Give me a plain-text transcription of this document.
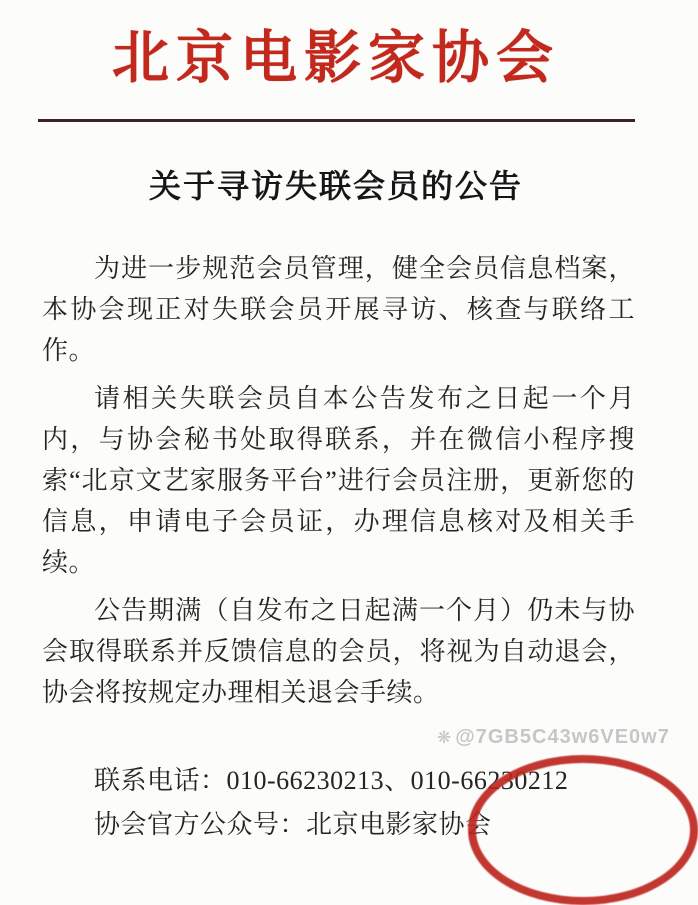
北京电影家协会
关于寻访失联会员的公告

为进一步规范会员管理，健全会员信息档案，本协会现正对失联会员开展寻访、核查与联络工作。

请相关失联会员自本公告发布之日起一个月内，与协会秘书处取得联系，并在微信小程序搜索“北京文艺家服务平台”进行会员注册，更新您的信息，申请电子会员证，办理信息核对及相关手续。

公告期满（自发布之日起满一个月）仍未与协会取得联系并反馈信息的会员，将视为自动退会，协会将按规定办理相关退会手续。

联系电话：010-66230213、010-66230212
协会官方公众号：北京电影家协会
❋ @7GB5C43w6VE0w7
